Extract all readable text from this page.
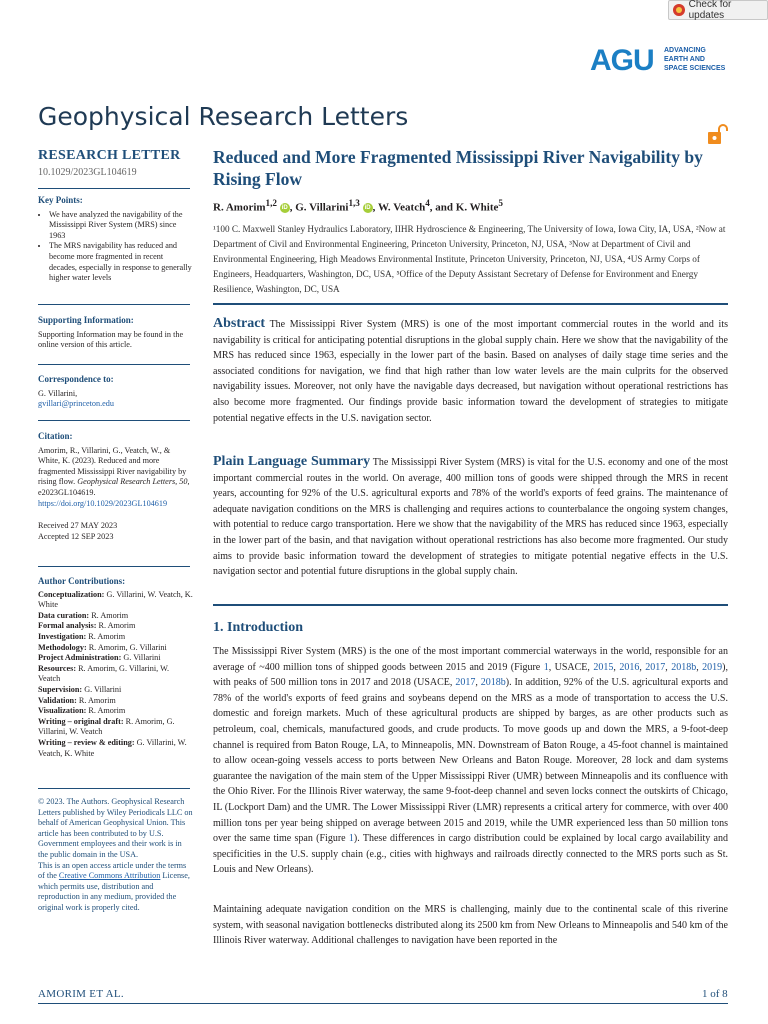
Check for updates
AGU ADVANCING
EARTH AND
SPACE SCIENCES
Geophysical Research Letters
RESEARCH LETTER
10.1029/2023GL104619
Key Points:
• We have analyzed the navigability of the Mississippi River System (MRS) since 1963
• The MRS navigability has reduced and become more fragmented in recent decades, especially in response to generally higher water levels
Supporting Information:
Supporting Information may be found in the online version of this article.
Correspondence to:
G. Villarini,
gvillari@princeton.edu
Citation:
Amorim, R., Villarini, G., Veatch, W., & White, K. (2023). Reduced and more fragmented Mississippi River navigability by rising flow. Geophysical Research Letters, 50, e2023GL104619. https://doi.org/10.1029/2023GL104619
Received 27 MAY 2023
Accepted 12 SEP 2023
Author Contributions:
Conceptualization: G. Villarini, W. Veatch, K. White
Data curation: R. Amorim
Formal analysis: R. Amorim
Investigation: R. Amorim
Methodology: R. Amorim, G. Villarini
Project Administration: G. Villarini
Resources: R. Amorim, G. Villarini, W. Veatch
Supervision: G. Villarini
Validation: R. Amorim
Visualization: R. Amorim
Writing – original draft: R. Amorim, G. Villarini, W. Veatch
Writing – review & editing: G. Villarini, W. Veatch, K. White
© 2023. The Authors. Geophysical Research Letters published by Wiley Periodicals LLC on behalf of American Geophysical Union. This article has been contributed to by U.S. Government employees and their work is in the public domain in the USA.
This is an open access article under the terms of the Creative Commons Attribution License, which permits use, distribution and reproduction in any medium, provided the original work is properly cited.
Reduced and More Fragmented Mississippi River Navigability by Rising Flow
R. Amorim$^{1,2}$ iD , G. Villarini$^{1,3}$ iD , W. Veatch$^4$, and K. White$^5$
¹100 C. Maxwell Stanley Hydraulics Laboratory, IIHR Hydroscience & Engineering, The University of Iowa, Iowa City, IA, USA, ²Now at Department of Civil and Environmental Engineering, Princeton University, Princeton, NJ, USA, ³Now at Department of Civil and Environmental Engineering, High Meadows Environmental Institute, Princeton University, Princeton, NJ, USA, ⁴US Army Corps of Engineers, Headquarters, Washington, DC, USA, ⁵Office of the Deputy Assistant Secretary of Defense for Environment and Energy Resilience, Washington, DC, USA
Abstract The Mississippi River System (MRS) is one of the most important commercial routes in the world and its navigability is critical for anticipating potential disruptions in the global supply chain. Here we show that the navigability of the MRS has reduced since 1963, especially in the lower part of the basin. Based on analyses of daily stage time series and the associated conditions for navigation, we find that high rather than low water levels are the main culprits for the observed navigability issues. Moreover, not only have the navigable days decreased, but navigation without operational restrictions has also become more fragmented. Our findings provide basic information toward the development of strategies to mitigate potential negative effects in the U.S. navigation sector.
Plain Language Summary The Mississippi River System (MRS) is vital for the U.S. economy and one of the most important commercial routes in the world. On average, 400 million tons of goods were shipped through the MRS in recent years, accounting for 92% of the U.S. agricultural exports and 78% of the world's exports of feed grains. The maintenance of adequate navigation conditions on the MRS is challenging and requires actions to counterbalance the ongoing system changes, with potential to reduce cargo transportation. Here we show that the navigability of the MRS has reduced since 1963, especially in the lower part of the basin, and that navigation without operational restrictions has also become more fragmented. Our study aims to provide basic information toward the development of strategies to mitigate potential negative effects in the U.S. navigation sector and potential future disruptions in the global supply chain.
1. Introduction
The Mississippi River System (MRS) is the one of the most important commercial waterways in the world, responsible for an average of ~400 million tons of shipped goods between 2015 and 2019 (Figure 1, USACE, 2015, 2016, 2017, 2018b, 2019), with peaks of 500 million tons in 2017 and 2018 (USACE, 2017, 2018b). In addition, 92% of the U.S. agricultural exports and 78% of the world's exports of feed grains and soybeans depend on the MRS as a mode of transportation to access the U.S. domestic and foreign markets. Much of these agricultural products are shipped by barges, as are other products such as petroleum, coal, chemicals, manufactured goods, and crude products. To move goods up and down the MRS, a 9-foot-deep channel is required from Baton Rouge, LA, to Minneapolis, MN. Downstream of Baton Rouge, a 45-foot channel is maintained to allow ocean-going vessels access to ports between New Orleans and Baton Rouge. Moreover, 28 lock and dam systems guarantee the navigation of the main stem of the Upper Mississippi River (UMR) between Minneapolis and its confluence with the Ohio River. For the Illinois River waterway, the same 9-foot-deep channel and seven locks connect the outskirts of Chicago, IL (Lockport Dam) and the UMR. The Lower Mississippi River (LMR) represents a critical artery for commerce, with over 400 million tons per year being shipped on average between 2015 and 2019, while the UMR experienced less than 50 million tons over the same time span (Figure 1). These differences in cargo distribution could be explained by local cargo availability and specificities in the U.S. supply chain (e.g., cities with highways and railroads directly connected to the MRS ports such as St. Louis and New Orleans).
Maintaining adequate navigation condition on the MRS is challenging, mainly due to the continental scale of this riverine system, with seasonal navigation bottlenecks distributed along its 2500 km from New Orleans to Minneapolis and 540 km of the Illinois River waterway. Additional challenges to navigation have been reported in the
AMORIM ET AL.	1 of 8
